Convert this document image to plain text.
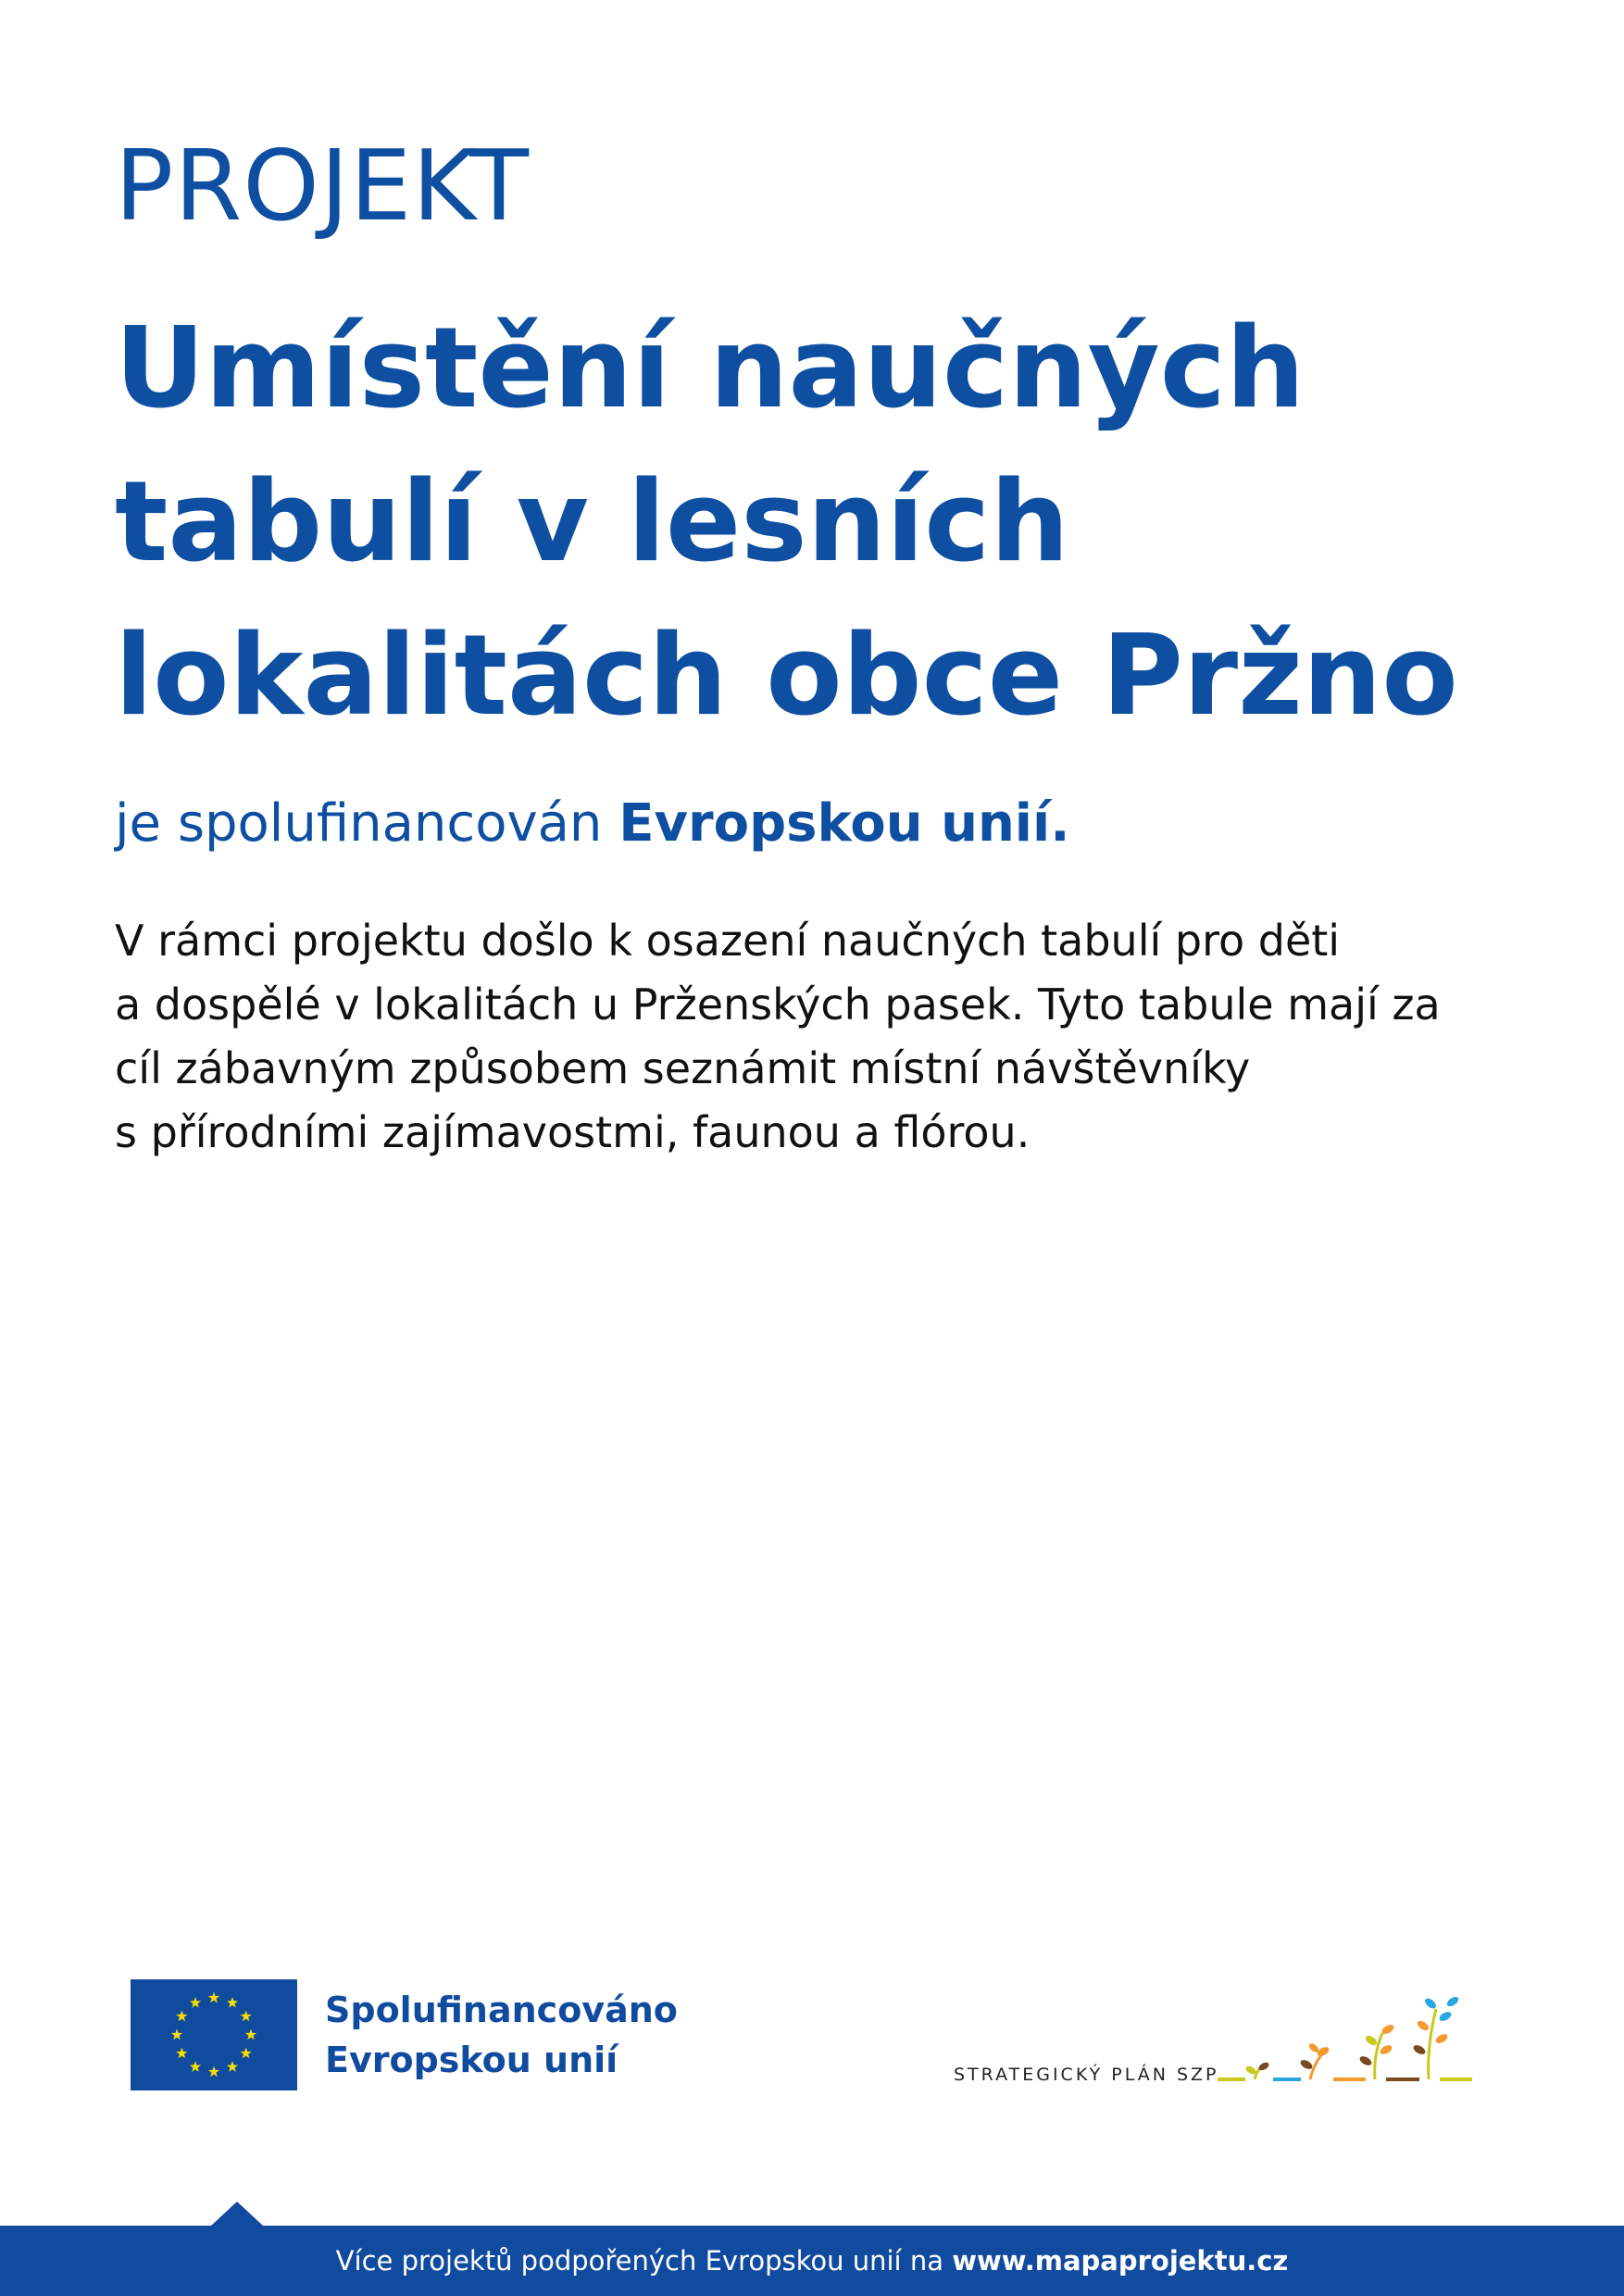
PROJEKT
Umístění naučných
tabulí v lesních
lokalitách obce Pržno
je spolufinancován Evropskou unií.

V rámci projektu došlo k osazení naučných tabulí pro děti
a dospělé v lokalitách u Prženských pasek. Tyto tabule mají za
cíl zábavným způsobem seznámit místní návštěvníky
s přírodními zajímavostmi, faunou a flórou.

Spolufinancováno
Evropskou unií	STRATEGICKÝ PLÁN SZP
Více projektů podpořených Evropskou unií na www.mapaprojektu.cz
